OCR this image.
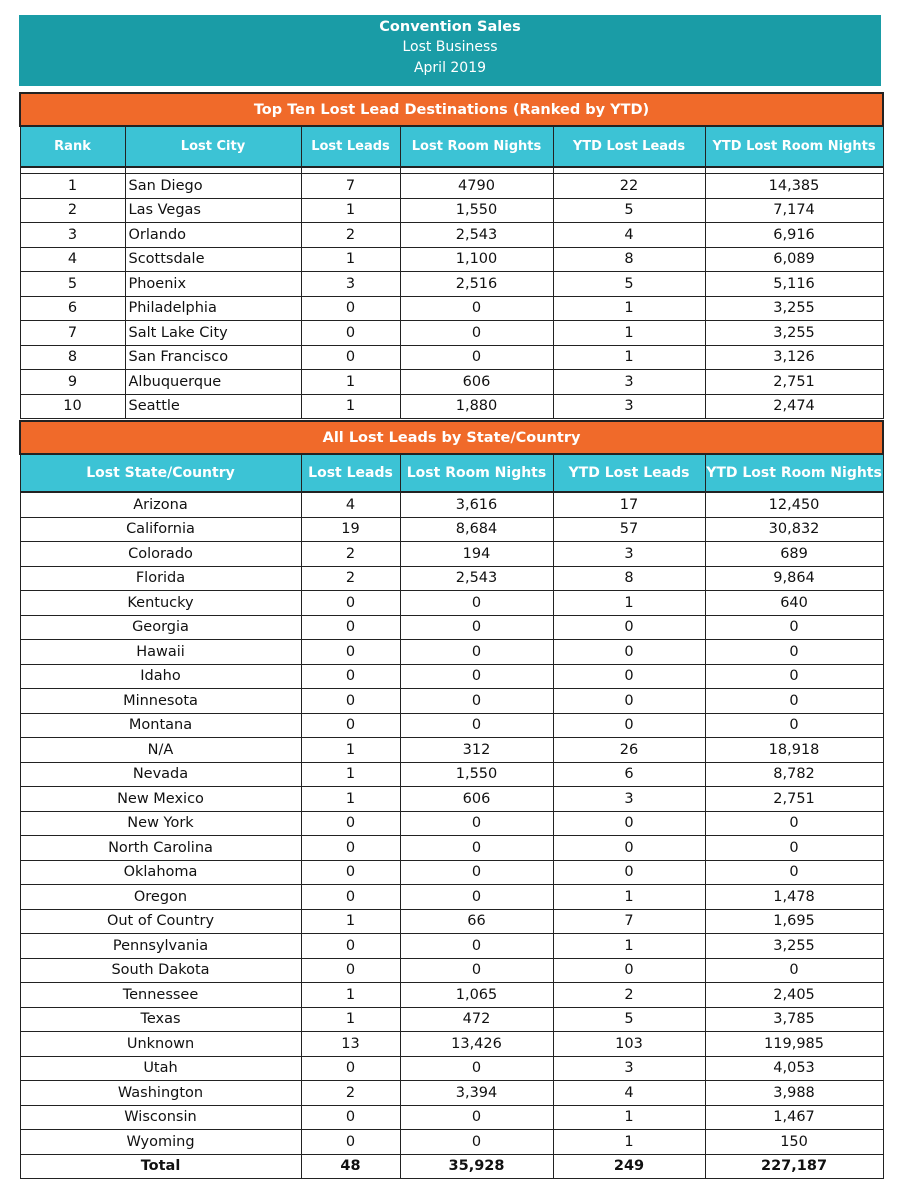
Convention Sales
Lost Business
April 2019
Top Ten Lost Lead Destinations (Ranked by YTD)					
Rank	Lost City	Lost Leads	Lost Room Nights	YTD Lost Leads	YTD Lost Room Nights

1	San Diego	7	4790	22	14,385
2	Las Vegas	1	1,550	5	7,174
3	Orlando	2	2,543	4	6,916
4	Scottsdale	1	1,100	8	6,089
5	Phoenix	3	2,516	5	5,116
6	Philadelphia	0	0	1	3,255
7	Salt Lake City	0	0	1	3,255
8	San Francisco	0	0	1	3,126
9	Albuquerque	1	606	3	2,751
10	Seattle	1	1,880	3	2,474
All Lost Leads by State/Country				
Lost State/Country	Lost Leads	Lost Room Nights	YTD Lost Leads	YTD Lost Room Nights
Arizona	4	3,616	17	12,450
California	19	8,684	57	30,832
Colorado	2	194	3	689
Florida	2	2,543	8	9,864
Kentucky	0	0	1	640
Georgia	0	0	0	0
Hawaii	0	0	0	0
Idaho	0	0	0	0
Minnesota	0	0	0	0
Montana	0	0	0	0
N/A	1	312	26	18,918
Nevada	1	1,550	6	8,782
New Mexico	1	606	3	2,751
New York	0	0	0	0
North Carolina	0	0	0	0
Oklahoma	0	0	0	0
Oregon	0	0	1	1,478
Out of Country	1	66	7	1,695
Pennsylvania	0	0	1	3,255
South Dakota	0	0	0	0
Tennessee	1	1,065	2	2,405
Texas	1	472	5	3,785
Unknown	13	13,426	103	119,985
Utah	0	0	3	4,053
Washington	2	3,394	4	3,988
Wisconsin	0	0	1	1,467
Wyoming	0	0	1	150
Total	48	35,928	249	227,187
